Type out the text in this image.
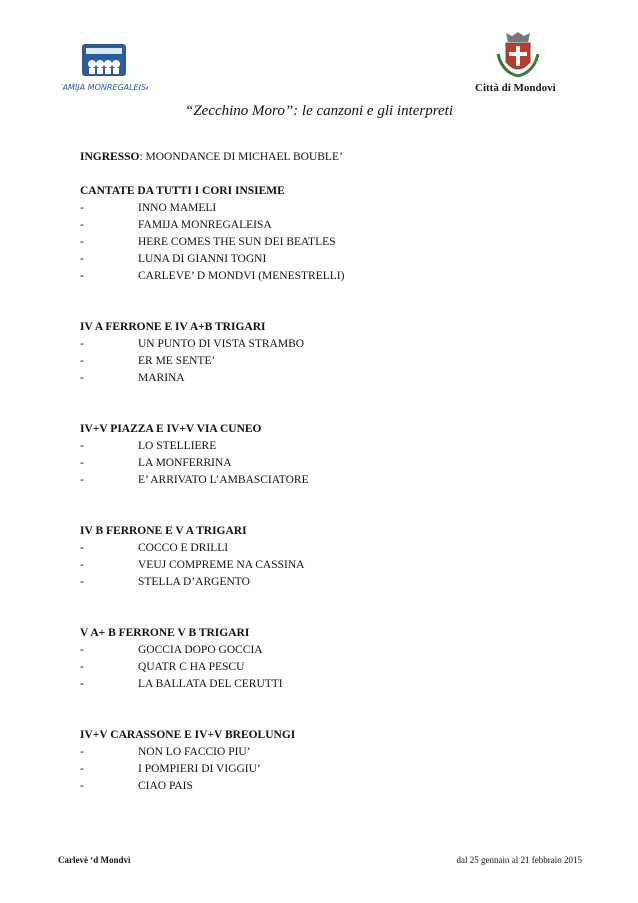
FAMIJA MONREGALEISA	Città di Mondovì
“Zecchino Moro”: le canzoni e gli interpreti
INGRESSO: MOONDANCE DI MICHAEL BOUBLE’
CANTATE DA TUTTI I CORI INSIEME
-	INNO MAMELI
-	FAMIJA MONREGALEISA
-	HERE COMES THE SUN DEI BEATLES
-	LUNA DI GIANNI TOGNI
-	CARLEVE’ D MONDVI (MENESTRELLI)
IV A FERRONE E IV A+B TRIGARI
-	UN PUNTO DI VISTA STRAMBO
-	ER ME SENTE’
-	MARINA
IV+V PIAZZA E IV+V VIA CUNEO
-	LO STELLIERE
-	LA MONFERRINA
-	E’ ARRIVATO L’AMBASCIATORE
IV B FERRONE E V A TRIGARI
-	COCCO E DRILLI
-	VEUJ COMPREME NA CASSINA
-	STELLA D’ARGENTO
V A+ B FERRONE V B TRIGARI
-	GOCCIA DOPO GOCCIA
-	QUATR C HA PESCU
-	LA BALLATA DEL CERUTTI
IV+V CARASSONE E IV+V BREOLUNGI
-	NON LO FACCIO PIU’
-	I POMPIERI DI VIGGIU’
-	CIAO PAIS
Carlevè ‘d Mondvì	dal 25 gennaio al 21 febbraio 2015
